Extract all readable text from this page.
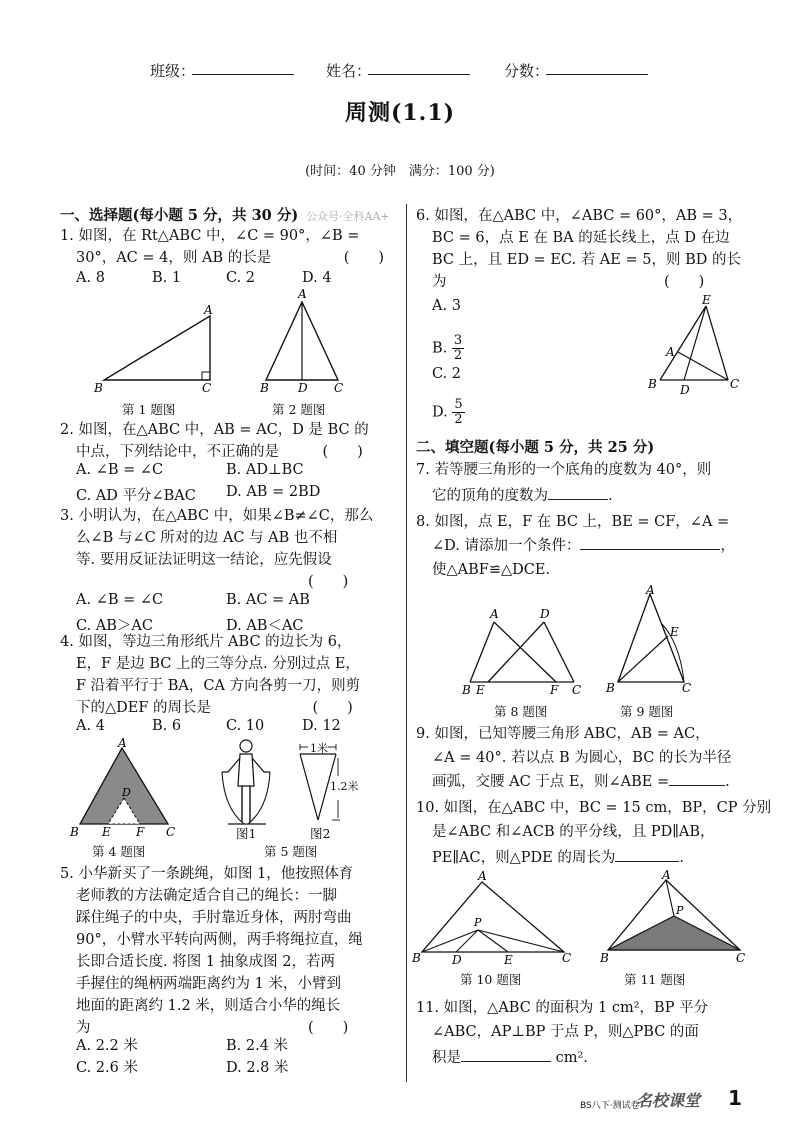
班级：	姓名：	分数：
周测(1.1)
(时间：40 分钟　满分：100 分)
一、选择题(每小题 5 分，共 30 分) 公众号·全科AA+
1. 如图，在 Rt△ABC 中，∠C = 90°，∠B =
30°，AC = 4，则 AB 的长是　　　　　(　　)
A. 8	B. 1	C. 2	D. 4
A
B	C
第 1 题图
A
B D C
第 2 题图
2. 如图，在△ABC 中，AB = AC，D 是 BC 的
中点，下列结论中，不正确的是　　　(　　)
A. ∠B = ∠C	B. AD⊥BC
C. AD 平分∠BAC D. AB = 2BD
3. 小明认为，在△ABC 中，如果∠B≠∠C，那么
么∠B 与∠C 所对的边 AC 与 AB 也不相
等. 要用反证法证明这一结论，应先假设
　　　　　　　　　　　　　　　　(　　)
A. ∠B = ∠C	B. AC = AB
C. AB＞AC	D. AB＜AC
4. 如图，等边三角形纸片 ABC 的边长为 6，
E，F 是边 BC 上的三等分点. 分别过点 E，
F 沿着平行于 BA，CA 方向各剪一刀，则剪
下的△DEF 的周长是　　　　　　　(　　)
A. 4	B. 6	C. 10	D. 12
A
D
B E F C
第 4 题图
图1
1米
1.2米
图2
第 5 题图
5. 小华新买了一条跳绳，如图 1，他按照体育
老师教的方法确定适合自己的绳长：一脚
踩住绳子的中央，手肘靠近身体，两肘弯曲
90°，小臂水平转向两侧，两手将绳拉直，绳
长即合适长度. 将图 1 抽象成图 2，若两
手握住的绳柄两端距离约为 1 米，小臂到
地面的距离约 1.2 米，则适合小华的绳长
为　　　　　　　　　　　　　　　(　　)
A. 2.2 米	B. 2.4 米
C. 2.6 米	D. 2.8 米
6. 如图，在△ABC 中，∠ABC = 60°，AB = 3，
BC = 6，点 E 在 BA 的延长线上，点 D 在边
BC 上，且 ED = EC. 若 AE = 5，则 BD 的长
为　　　　　　　　　　　　　　　(　　)
A. 3
B. $\frac{3}{2}$
C. 2
D. $\frac{5}{2}$
E
A
B D	C
二、填空题(每小题 5 分，共 25 分)
7. 若等腰三角形的一个底角的度数为 40°，则
它的顶角的度数为	.
8. 如图，点 E，F 在 BC 上，BE = CF，∠A =
∠D. 请添加一个条件：	，
使△ABF≌△DCE.
A	D
B E	F C
第 8 题图
A
E
B	C
第 9 题图
9. 如图，已知等腰三角形 ABC，AB = AC，
∠A = 40°. 若以点 B 为圆心，BC 的长为半径
画弧，交腰 AC 于点 E，则∠ABE =	.
10. 如图，在△ABC 中，BC = 15 cm，BP，CP 分别
是∠ABC 和∠ACB 的平分线，且 PD∥AB，
PE∥AC，则△PDE 的周长为	.
A
P
B	D	E	C
第 10 题图
A
P
B	C
第 11 题图
11. 如图，△ABC 的面积为 1 cm²，BP 平分
∠ABC，AP⊥BP 于点 P，则△PBC 的面
积是	cm².
BS八下·测试卷
名校课堂 1
